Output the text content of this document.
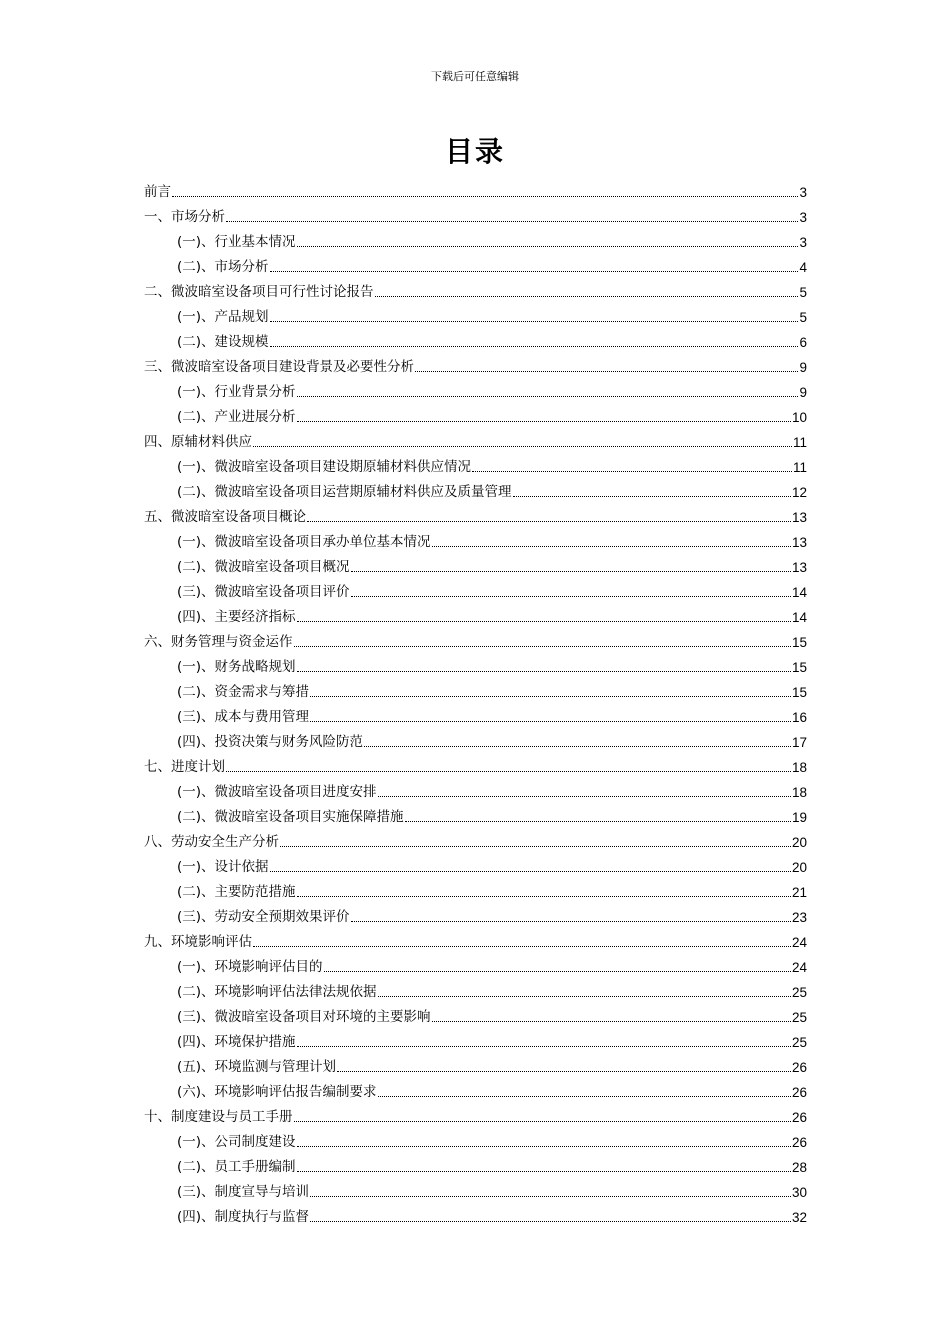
下载后可任意编辑
目录
前言	3
一、市场分析	3
(一)、行业基本情况	3
(二)、市场分析	4
二、微波暗室设备项目可行性讨论报告	5
(一)、产品规划	5
(二)、建设规模	6
三、微波暗室设备项目建设背景及必要性分析	9
(一)、行业背景分析	9
(二)、产业进展分析	10
四、原辅材料供应	11
(一)、微波暗室设备项目建设期原辅材料供应情况	11
(二)、微波暗室设备项目运营期原辅材料供应及质量管理	12
五、微波暗室设备项目概论	13
(一)、微波暗室设备项目承办单位基本情况	13
(二)、微波暗室设备项目概况	13
(三)、微波暗室设备项目评价	14
(四)、主要经济指标	14
六、财务管理与资金运作	15
(一)、财务战略规划	15
(二)、资金需求与筹措	15
(三)、成本与费用管理	16
(四)、投资决策与财务风险防范	17
七、进度计划	18
(一)、微波暗室设备项目进度安排	18
(二)、微波暗室设备项目实施保障措施	19
八、劳动安全生产分析	20
(一)、设计依据	20
(二)、主要防范措施	21
(三)、劳动安全预期效果评价	23
九、环境影响评估	24
(一)、环境影响评估目的	24
(二)、环境影响评估法律法规依据	25
(三)、微波暗室设备项目对环境的主要影响	25
(四)、环境保护措施	25
(五)、环境监测与管理计划	26
(六)、环境影响评估报告编制要求	26
十、制度建设与员工手册	26
(一)、公司制度建设	26
(二)、员工手册编制	28
(三)、制度宣导与培训	30
(四)、制度执行与监督	32
